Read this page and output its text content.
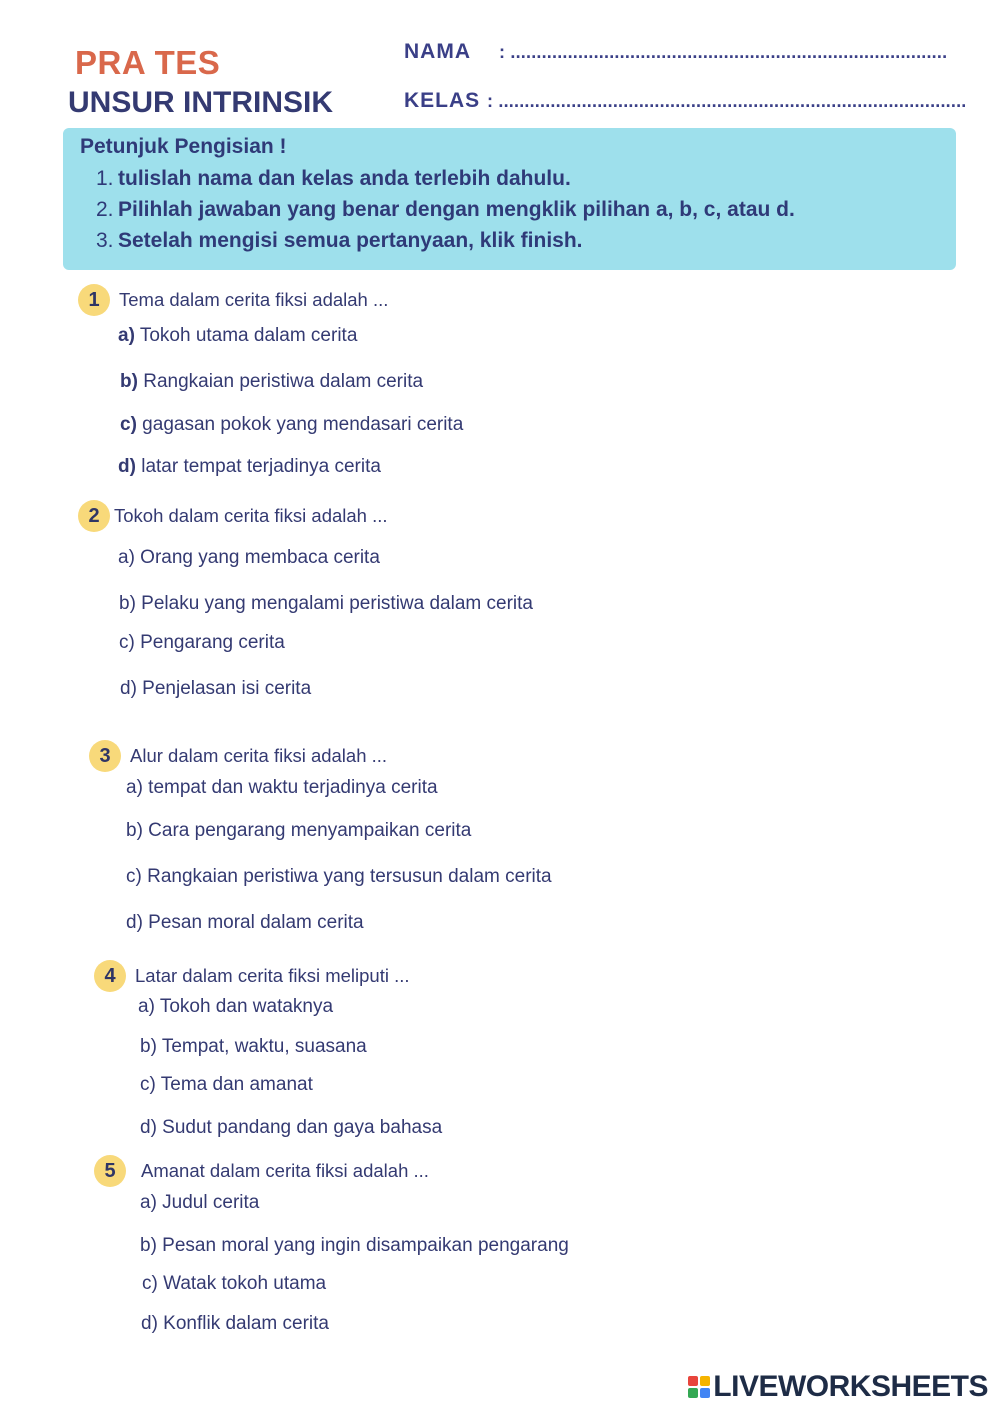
PRA TES
UNSUR INTRINSIK
NAMA : ....................................................................................
KELAS : ..........................................................................................
Petunjuk Pengisian !
1. tulislah nama dan kelas anda terlebih dahulu.
2. Pilihlah jawaban yang benar dengan mengklik pilihan a, b, c, atau d.
3. Setelah mengisi semua pertanyaan, klik finish.
1	Tema dalam cerita fiksi adalah ...
a) Tokoh utama dalam cerita
b) Rangkaian peristiwa dalam cerita
c) gagasan pokok yang mendasari cerita
d) latar tempat terjadinya cerita
2 Tokoh dalam cerita fiksi adalah ...
a) Orang yang membaca cerita
b) Pelaku yang mengalami peristiwa dalam cerita
c) Pengarang cerita
d) Penjelasan isi cerita
3	Alur dalam cerita fiksi adalah ...
a) tempat dan waktu terjadinya cerita
b) Cara pengarang menyampaikan cerita
c) Rangkaian peristiwa yang tersusun dalam cerita
d) Pesan moral dalam cerita
4	Latar dalam cerita fiksi meliputi ...
a) Tokoh dan wataknya
b) Tempat, waktu, suasana
c) Tema dan amanat
d) Sudut pandang dan gaya bahasa
5	Amanat dalam cerita fiksi adalah ...
a) Judul cerita
b) Pesan moral yang ingin disampaikan pengarang
c) Watak tokoh utama
d) Konflik dalam cerita
LIVEWORKSHEETS
